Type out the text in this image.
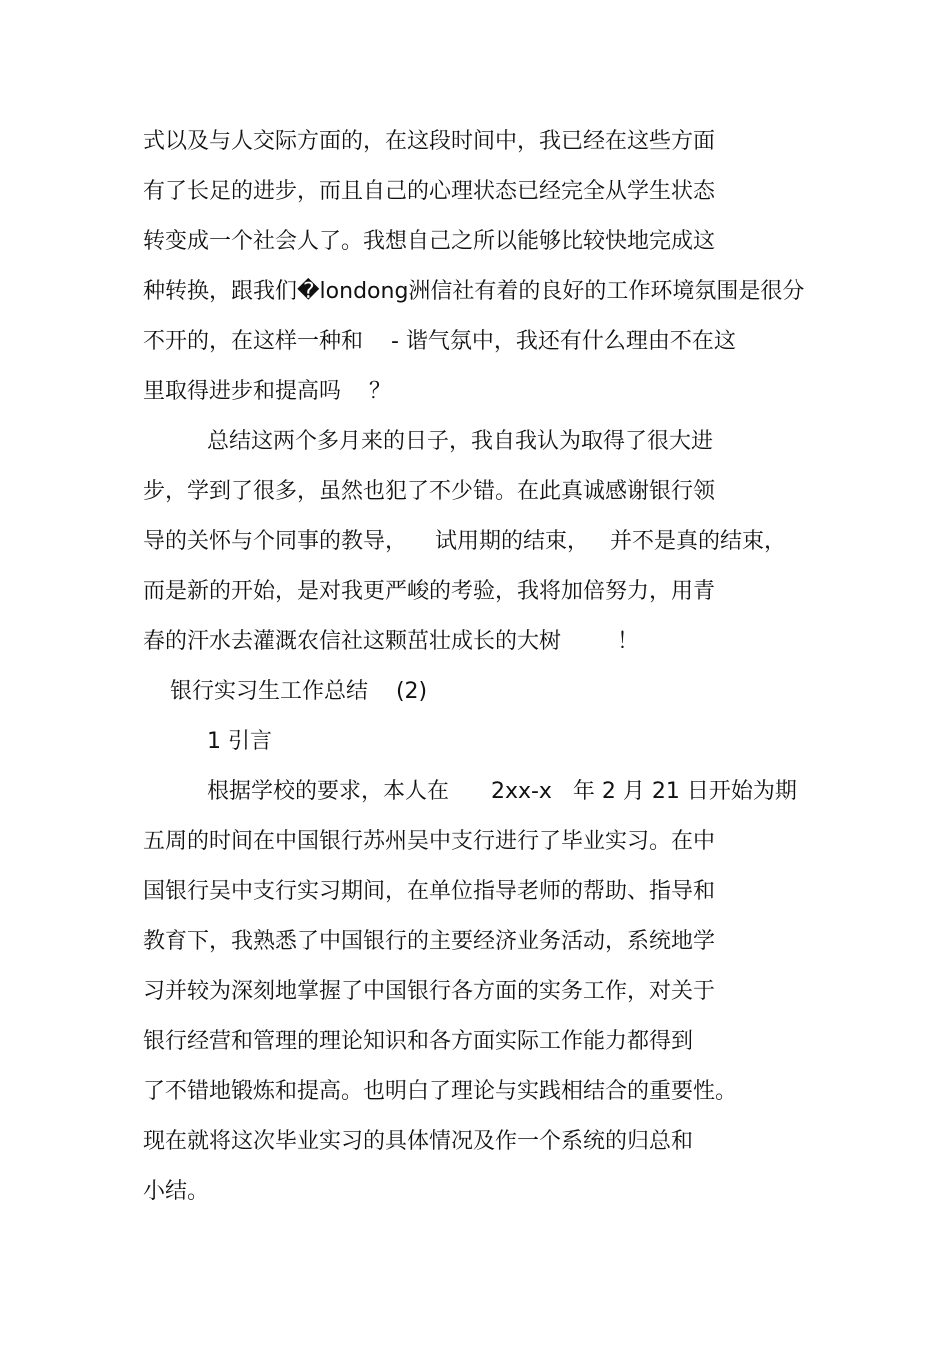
式以及与人交际方面的，在这段时间中，我已经在这些方面
有了长足的进步，而且自己的心理状态已经完全从学生状态
转变成一个社会人了。我想自己之所以能够比较快地完成这
种转换，跟我们�londong洲信社有着的良好的工作环境氛围是很分
不开的，在这样一种和    - 谐气氛中，我还有什么理由不在这
里取得进步和提高吗    ？
总结这两个多月来的日子，我自我认为取得了很大进
步，学到了很多，虽然也犯了不少错。在此真诚感谢银行领
导的关怀与个同事的教导，    试用期的结束，   并不是真的结束，
而是新的开始，是对我更严峻的考验，我将加倍努力，用青
春的汗水去灌溉农信社这颗茁壮成长的大树        ！
银行实习生工作总结    (2)
1 引言
根据学校的要求，本人在      2xx-x   年 2 月 21 日开始为期
五周的时间在中国银行苏州吴中支行进行了毕业实习。在中
国银行吴中支行实习期间，在单位指导老师的帮助、指导和
教育下，我熟悉了中国银行的主要经济业务活动，系统地学
习并较为深刻地掌握了中国银行各方面的实务工作，对关于
银行经营和管理的理论知识和各方面实际工作能力都得到
了不错地锻炼和提高。也明白了理论与实践相结合的重要性。
现在就将这次毕业实习的具体情况及作一个系统的归总和
小结。
